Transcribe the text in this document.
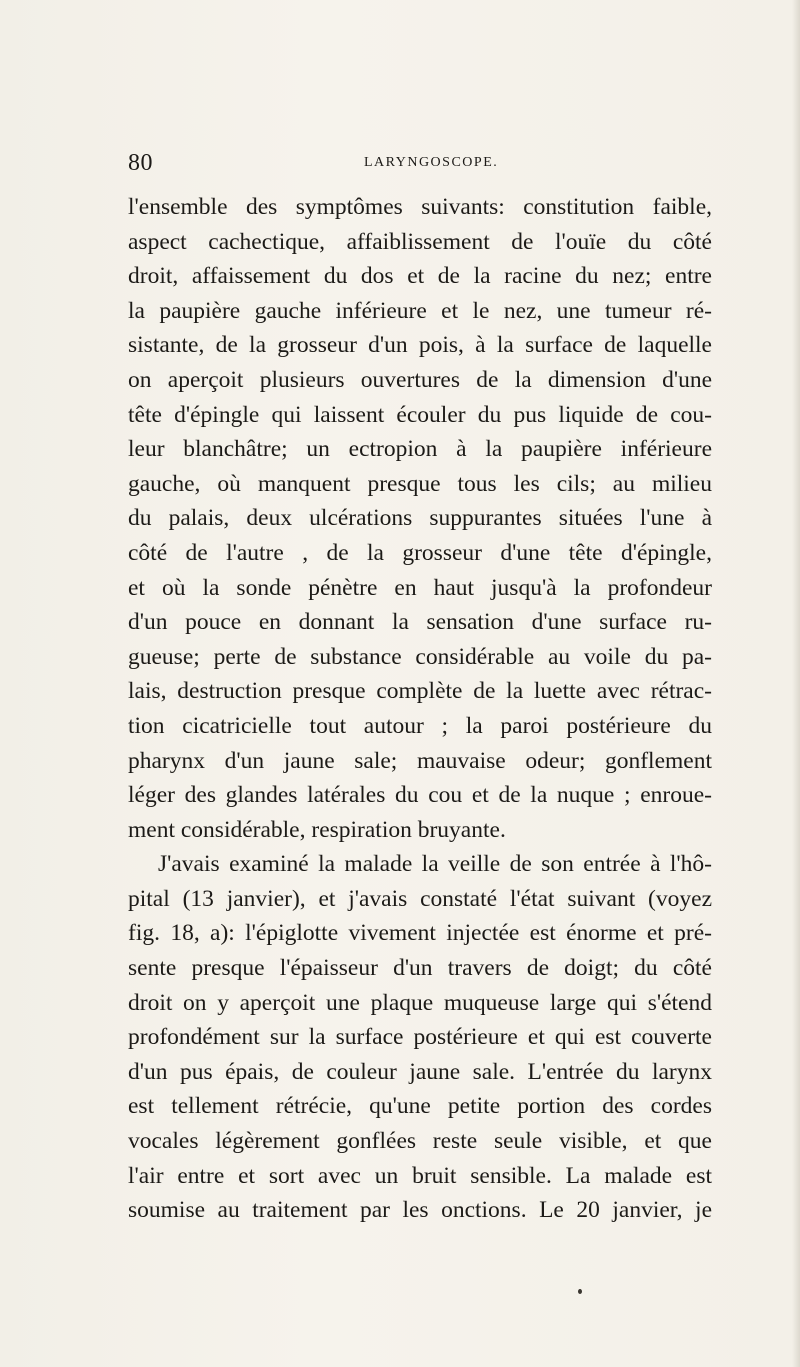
80	LARYNGOSCOPE.
l'ensemble des symptômes suivants: constitution faible,
aspect cachectique, affaiblissement de l'ouïe du côté
droit, affaissement du dos et de la racine du nez; entre
la paupière gauche inférieure et le nez, une tumeur ré-
sistante, de la grosseur d'un pois, à la surface de laquelle
on aperçoit plusieurs ouvertures de la dimension d'une
tête d'épingle qui laissent écouler du pus liquide de cou-
leur blanchâtre; un ectropion à la paupière inférieure
gauche, où manquent presque tous les cils; au milieu
du palais, deux ulcérations suppurantes situées l'une à
côté de l'autre , de la grosseur d'une tête d'épingle,
et où la sonde pénètre en haut jusqu'à la profondeur
d'un pouce en donnant la sensation d'une surface ru-
gueuse; perte de substance considérable au voile du pa-
lais, destruction presque complète de la luette avec rétrac-
tion cicatricielle tout autour ; la paroi postérieure du
pharynx d'un jaune sale; mauvaise odeur; gonflement
léger des glandes latérales du cou et de la nuque ; enroue-
ment considérable, respiration bruyante.
J'avais examiné la malade la veille de son entrée à l'hô-
pital (13 janvier), et j'avais constaté l'état suivant (voyez
fig. 18, a): l'épiglotte vivement injectée est énorme et pré-
sente presque l'épaisseur d'un travers de doigt; du côté
droit on y aperçoit une plaque muqueuse large qui s'étend
profondément sur la surface postérieure et qui est couverte
d'un pus épais, de couleur jaune sale. L'entrée du larynx
est tellement rétrécie, qu'une petite portion des cordes
vocales légèrement gonflées reste seule visible, et que
l'air entre et sort avec un bruit sensible. La malade est
soumise au traitement par les onctions. Le 20 janvier, je
